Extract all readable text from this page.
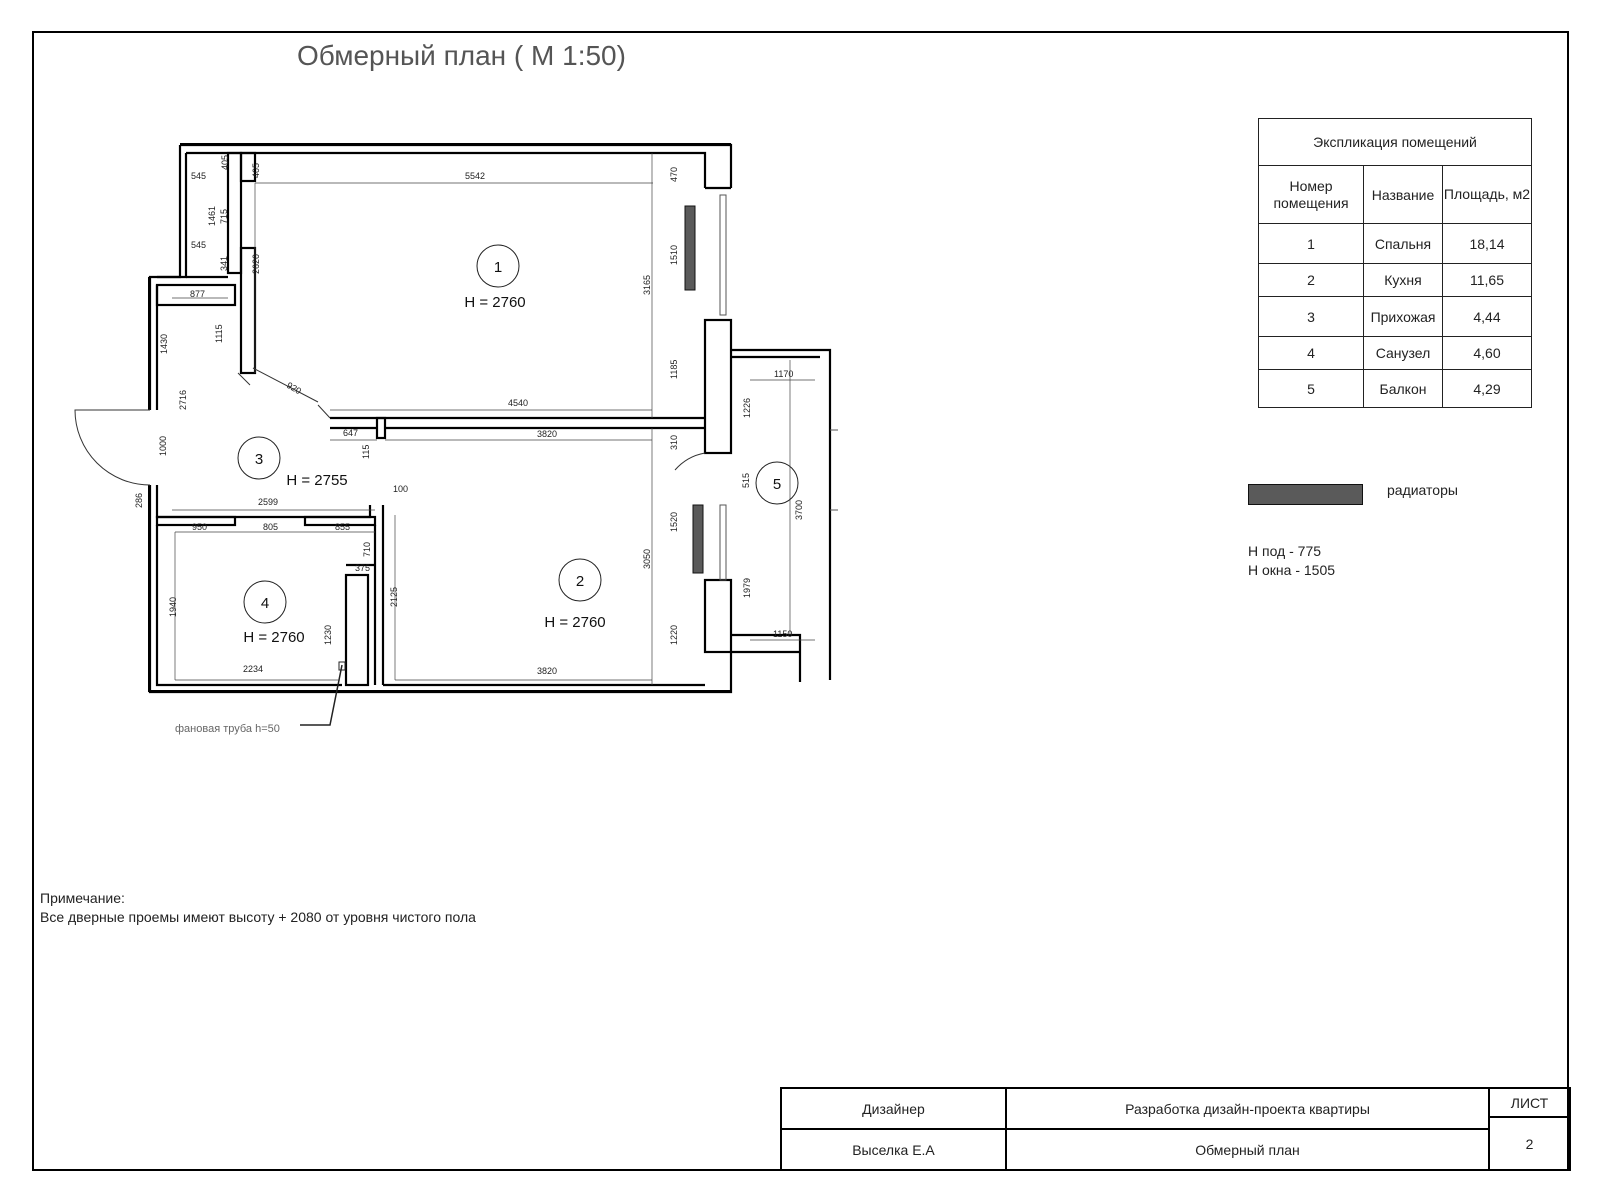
Обмерный план ( М 1:50)
фановая труба h=50
1
H = 2760
2
H = 2760
3
H = 2755
4
H = 2760
5
545
405
405	5542	470
1461 715
545
341 2620	1510
3165
877
1430
1115
1185
920
2716	4540
1170
1226
647	3820
115
310
1000
515
3700
286	2599
100
950	805	855	1520
710
375	3050
1940	2125	1979
1230	1220	1150
2234	3820
Экспликация помещений		
Номер помещения	Название	Площадь, м2
1	Спальня	18,14
2	Кухня	11,65
3	Прихожая	4,44
4	Санузел	4,60
5	Балкон	4,29
радиаторы
H под - 775
H окна - 1505
Примечание:
Все дверные проемы имеют высоту + 2080 от уровня чистого пола
Дизайнер	Разработка дизайн-проекта квартиры	ЛИСТ
Выселка Е.А	Обмерный план	2
